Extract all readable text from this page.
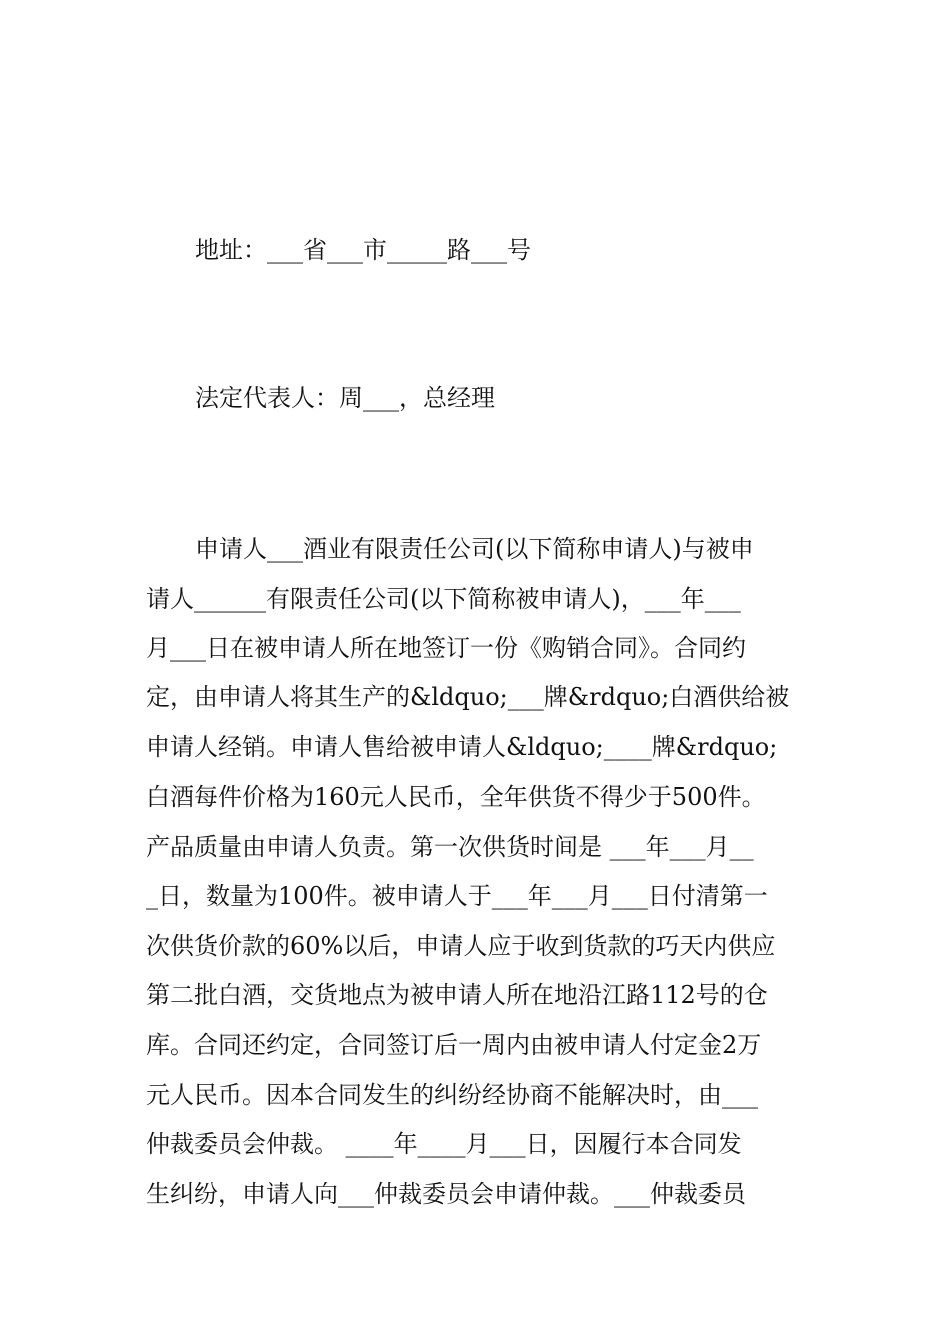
地址：___省___市_____路___号

法定代表人：周___，总经理

申请人___酒业有限责任公司(以下简称申请人)与被申

请人______有限责任公司(以下简称被申请人)，___年___

月___日在被申请人所在地签订一份《购销合同》。合同约

定，由申请人将其生产的&ldquo;___牌&rdquo;白酒供给被

申请人经销。申请人售给被申请人&ldquo;____牌&rdquo;

白酒每件价格为160元人民币，全年供货不得少于500件。

产品质量由申请人负责。第一次供货时间是 ___年___月__

_日，数量为100件。被申请人于___年___月___日付清第一

次供货价款的60%以后，申请人应于收到货款的巧天内供应

第二批白酒，交货地点为被申请人所在地沿江路112号的仓

库。合同还约定，合同签订后一周内由被申请人付定金2万

元人民币。因本合同发生的纠纷经协商不能解决时，由___

仲裁委员会仲裁。 ____年____月___日，因履行本合同发

生纠纷，申请人向___仲裁委员会申请仲裁。___仲裁委员
